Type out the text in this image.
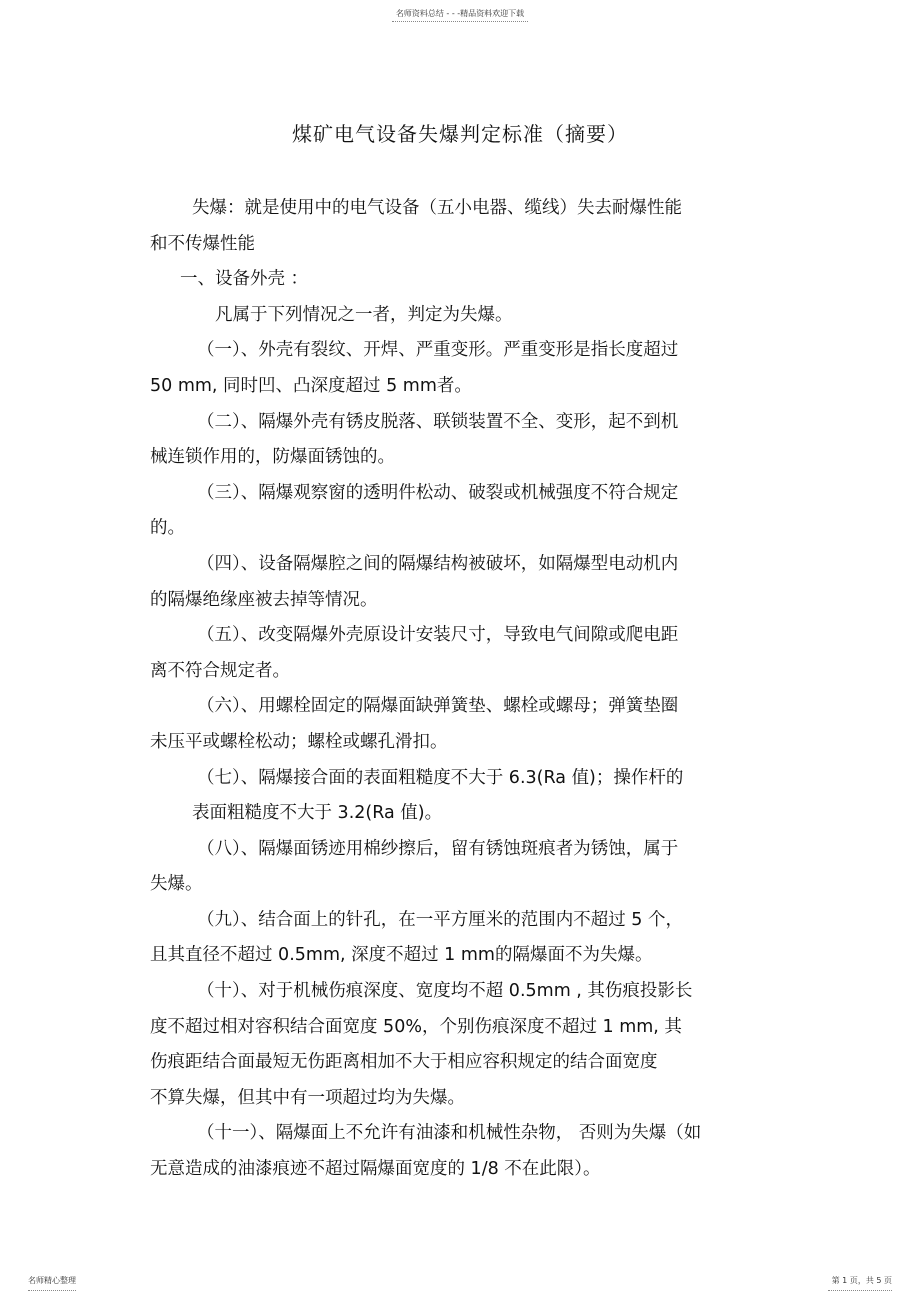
名师资料总结 - - -精品资料欢迎下载
煤矿电气设备失爆判定标准（摘要）

失爆：就是使用中的电气设备（五小电器、缆线）失去耐爆性能

和不传爆性能

一、设备外壳 ：

凡属于下列情况之一者，判定为失爆。

（一）、外壳有裂纹、开焊、严重变形。严重变形是指长度超过

50 mm, 同时凹、凸深度超过 5 mm者。

（二）、隔爆外壳有锈皮脱落、联锁装置不全、变形，起不到机

械连锁作用的，防爆面锈蚀的。

（三）、隔爆观察窗的透明件松动、破裂或机械强度不符合规定

的。

（四）、设备隔爆腔之间的隔爆结构被破坏，如隔爆型电动机内

的隔爆绝缘座被去掉等情况。

（五）、改变隔爆外壳原设计安装尺寸，导致电气间隙或爬电距

离不符合规定者。

（六）、用螺栓固定的隔爆面缺弹簧垫、螺栓或螺母；弹簧垫圈

未压平或螺栓松动；螺栓或螺孔滑扣。

（七）、隔爆接合面的表面粗糙度不大于 6.3(Ra 值)；操作杆的

表面粗糙度不大于 3.2(Ra 值)。

（八）、隔爆面锈迹用棉纱擦后，留有锈蚀斑痕者为锈蚀，属于

失爆。

（九）、结合面上的针孔，在一平方厘米的范围内不超过 5 个，

且其直径不超过 0.5mm, 深度不超过 1 mm的隔爆面不为失爆。

（十）、对于机械伤痕深度、宽度均不超 0.5mm , 其伤痕投影长

度不超过相对容积结合面宽度 50%，个别伤痕深度不超过 1 mm, 其

伤痕距结合面最短无伤距离相加不大于相应容积规定的结合面宽度

不算失爆，但其中有一项超过均为失爆。

（十一）、隔爆面上不允许有油漆和机械性杂物， 否则为失爆（如

无意造成的油漆痕迹不超过隔爆面宽度的 1/8 不在此限）。

名师精心整理	第 1 页，共 5 页
